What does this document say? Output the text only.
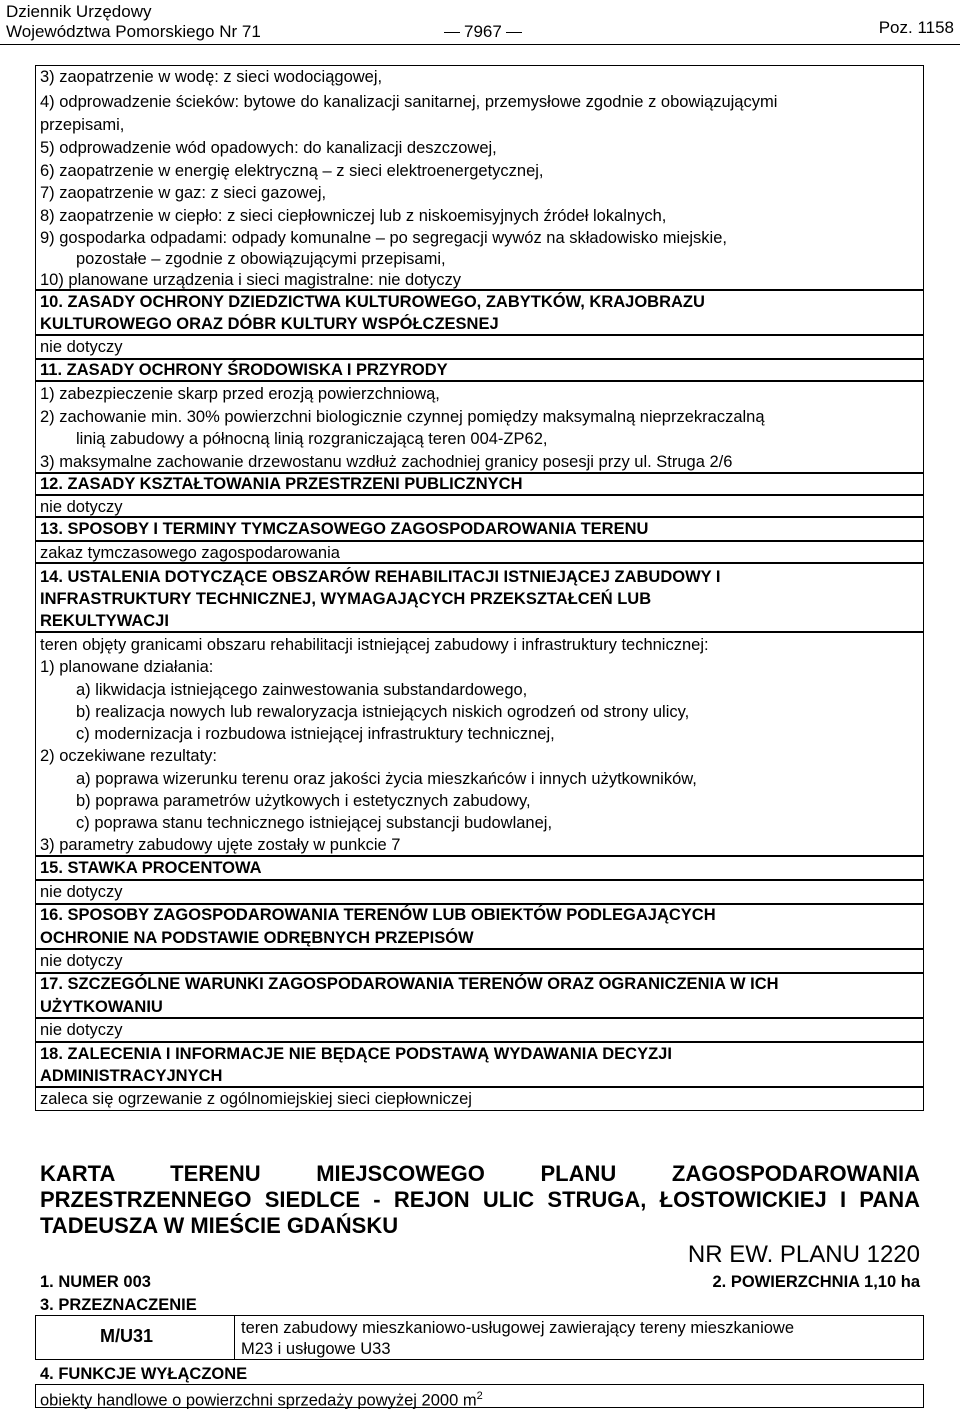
Dziennik Urzędowy
Województwa Pomorskiego Nr 71	7967	Poz. 1158
3) zaopatrzenie w wodę: z sieci wodociągowej,
4) odprowadzenie ścieków: bytowe do kanalizacji sanitarnej, przemysłowe zgodnie z obowiązującymi
przepisami,
5) odprowadzenie wód opadowych: do kanalizacji deszczowej,
6) zaopatrzenie w energię elektryczną – z sieci elektroenergetycznej,
7) zaopatrzenie w gaz: z sieci gazowej,
8) zaopatrzenie w ciepło: z sieci ciepłowniczej lub z niskoemisyjnych źródeł lokalnych,
9) gospodarka odpadami: odpady komunalne – po segregacji wywóz na składowisko miejskie,
pozostałe – zgodnie z obowiązującymi przepisami,
10) planowane urządzenia i sieci magistralne: nie dotyczy
10. ZASADY OCHRONY DZIEDZICTWA KULTUROWEGO, ZABYTKÓW, KRAJOBRAZU
KULTUROWEGO ORAZ DÓBR KULTURY WSPÓŁCZESNEJ
nie dotyczy
11. ZASADY OCHRONY ŚRODOWISKA I PRZYRODY
1) zabezpieczenie skarp przed erozją powierzchniową,
2) zachowanie min. 30% powierzchni biologicznie czynnej pomiędzy maksymalną nieprzekraczalną
linią zabudowy a północną linią rozgraniczającą teren 004-ZP62,
3) maksymalne zachowanie drzewostanu wzdłuż zachodniej granicy posesji przy ul. Struga 2/6
12. ZASADY KSZTAŁTOWANIA PRZESTRZENI PUBLICZNYCH
nie dotyczy
13. SPOSOBY I TERMINY TYMCZASOWEGO ZAGOSPODAROWANIA TERENU
zakaz tymczasowego zagospodarowania
14. USTALENIA DOTYCZĄCE OBSZARÓW REHABILITACJI ISTNIEJĄCEJ ZABUDOWY I
INFRASTRUKTURY TECHNICZNEJ, WYMAGAJĄCYCH PRZEKSZTAŁCEŃ LUB
REKULTYWACJI
teren objęty granicami obszaru rehabilitacji istniejącej zabudowy i infrastruktury technicznej:
1) planowane działania:
a) likwidacja istniejącego zainwestowania substandardowego,
b) realizacja nowych lub rewaloryzacja istniejących niskich ogrodzeń od strony ulicy,
c) modernizacja i rozbudowa istniejącej infrastruktury technicznej,
2) oczekiwane rezultaty:
a) poprawa wizerunku terenu oraz jakości życia mieszkańców i innych użytkowników,
b) poprawa parametrów użytkowych i estetycznych zabudowy,
c) poprawa stanu technicznego istniejącej substancji budowlanej,
3) parametry zabudowy ujęte zostały w punkcie 7
15. STAWKA PROCENTOWA
nie dotyczy
16. SPOSOBY ZAGOSPODAROWANIA TERENÓW LUB OBIEKTÓW PODLEGAJĄCYCH
OCHRONIE NA PODSTAWIE ODRĘBNYCH PRZEPISÓW
nie dotyczy
17. SZCZEGÓLNE WARUNKI ZAGOSPODAROWANIA TERENÓW ORAZ OGRANICZENIA W ICH
UŻYTKOWANIU
nie dotyczy
18. ZALECENIA I INFORMACJE NIE BĘDĄCE PODSTAWĄ WYDAWANIA DECYZJI
ADMINISTRACYJNYCH
zaleca się ogrzewanie z ogólnomiejskiej sieci ciepłowniczej
KARTA TERENU MIEJSCOWEGO PLANU ZAGOSPODAROWANIA
PRZESTRZENNEGO SIEDLCE - REJON ULIC STRUGA, ŁOSTOWICKIEJ I PANA
TADEUSZA W MIEŚCIE GDAŃSKU
NR EW. PLANU 1220
1. NUMER 003	2. POWIERZCHNIA 1,10 ha
3. PRZEZNACZENIE
M/U31	teren zabudowy mieszkaniowo-usługowej zawierający tereny mieszkaniowe
M23 i usługowe U33
4. FUNKCJE WYŁĄCZONE
obiekty handlowe o powierzchni sprzedaży powyżej 2000 $m^2$
